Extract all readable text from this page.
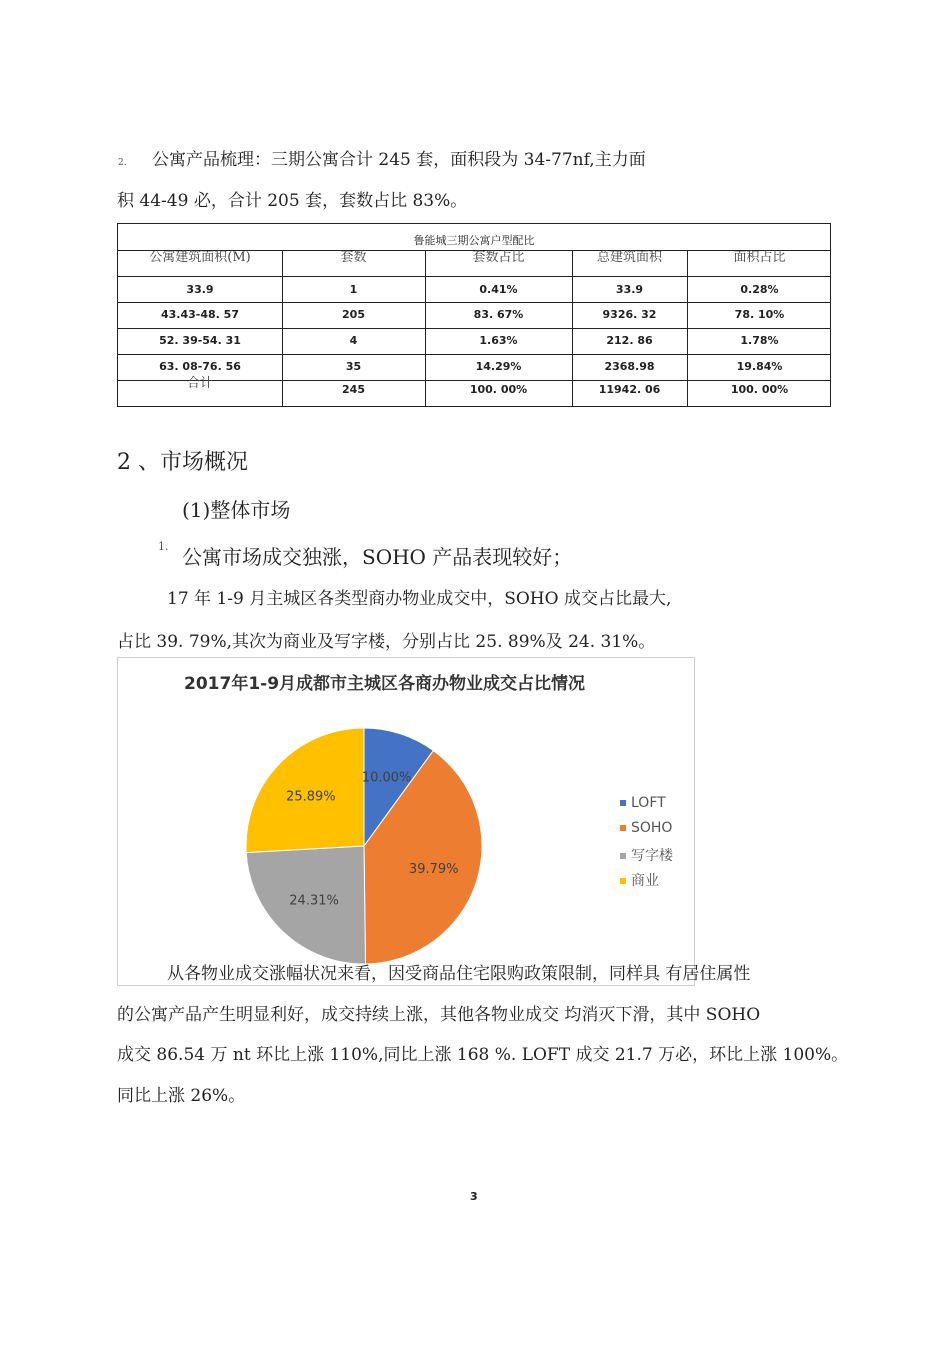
2. 公寓产品梳理：三期公寓合计 245 套，面积段为 34-77nf,主力面
积 44-49 必，合计 205 套，套数占比 83%。
鲁能城三期公寓户型配比
公寓建筑面积(M)	套数	套数占比	总建筑面积	面积占比
33.9	1	0.41%	33.9	0.28%
43.43-48. 57	205	83. 67%	9326. 32	78. 10%
52. 39-54. 31	4	1.63%	212. 86	1.78%
63. 08-76. 56	35	14.29%	2368.98	19.84%
合计	245	100. 00%	11942. 06	100. 00%
2 、市场概况
(1)整体市场
1. 公寓市场成交独涨，SOHO 产品表现较好；
17 年 1-9 月主城区各类型商办物业成交中，SOHO 成交占比最大,
占比 39. 79%,其次为商业及写字楼，分别占比 25. 89%及 24. 31%。
2017年1-9月成都市主城区各商办物业成交占比情况
10.00%
39.79%
24.31%
25.89%	LOFT
SOHO
写字楼
商业
从各物业成交涨幅状况来看，因受商品住宅限购政策限制，同样具 有居住属性
的公寓产品产生明显利好，成交持续上涨，其他各物业成交 均消灭下滑，其中 SOHO
成交 86.54 万 nt 环比上涨 110%,同比上涨 168 %. LOFT 成交 21.7 万必，环比上涨 100%。
同比上涨 26%。
3
